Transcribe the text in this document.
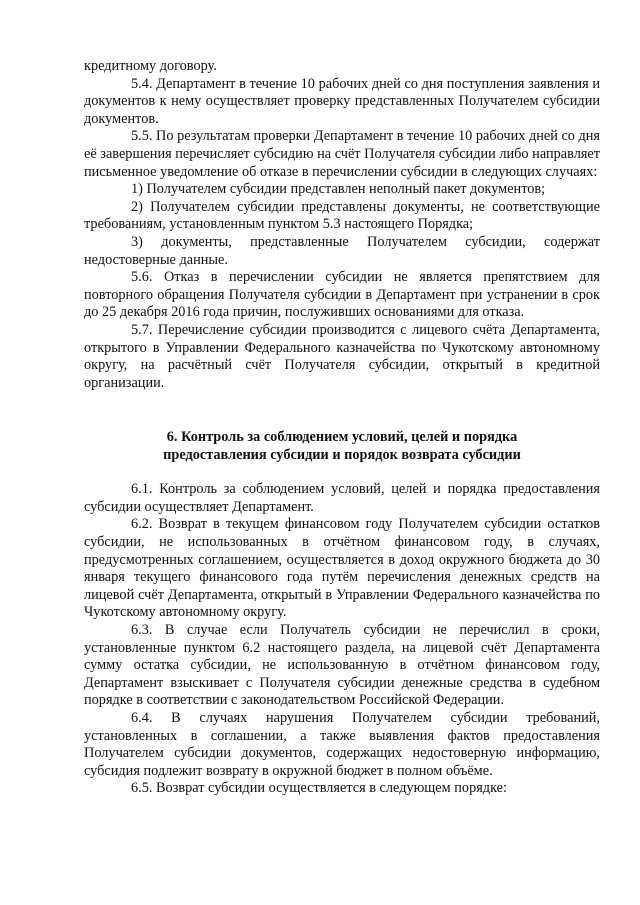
кредитному договору.

5.4. Департамент в течение 10 рабочих дней со дня поступления заявления и документов к нему осуществляет проверку представленных Получателем субсидии документов.

5.5. По результатам проверки Департамент в течение 10 рабочих дней со дня её завершения перечисляет субсидию на счёт Получателя субсидии либо направляет письменное уведомление об отказе в перечислении субсидии в следующих случаях:

1) Получателем субсидии представлен неполный пакет документов;

2) Получателем субсидии представлены документы, не соответствующие требованиям, установленным пунктом 5.3 настоящего Порядка;

3) документы, представленные Получателем субсидии, содержат недостоверные данные.

5.6. Отказ в перечислении субсидии не является препятствием для повторного обращения Получателя субсидии в Департамент при устранении в срок до 25 декабря 2016 года причин, послуживших основаниями для отказа.

5.7. Перечисление субсидии производится с лицевого счёта Департамента, открытого в Управлении Федерального казначейства по Чукотскому автономному округу, на расчётный счёт Получателя субсидии, открытый в кредитной организации.

6. Контроль за соблюдением условий, целей и порядка
предоставления субсидии и порядок возврата субсидии

6.1. Контроль за соблюдением условий, целей и порядка предоставления субсидии осуществляет Департамент.

6.2. Возврат в текущем финансовом году Получателем субсидии остатков субсидии, не использованных в отчётном финансовом году, в случаях, предусмотренных соглашением, осуществляется в доход окружного бюджета до 30 января текущего финансового года путём перечисления денежных средств на лицевой счёт Департамента, открытый в Управлении Федерального казначейства по Чукотскому автономному округу.

6.3. В случае если Получатель субсидии не перечислил в сроки, установленные пунктом 6.2 настоящего раздела, на лицевой счёт Департамента сумму остатка субсидии, не использованную в отчётном финансовом году, Департамент взыскивает с Получателя субсидии денежные средства в судебном порядке в соответствии с законодательством Российской Федерации.

6.4. В случаях нарушения Получателем субсидии требований, установленных в соглашении, а также выявления фактов предоставления Получателем субсидии документов, содержащих недостоверную информацию, субсидия подлежит возврату в окружной бюджет в полном объёме.

6.5. Возврат субсидии осуществляется в следующем порядке:
